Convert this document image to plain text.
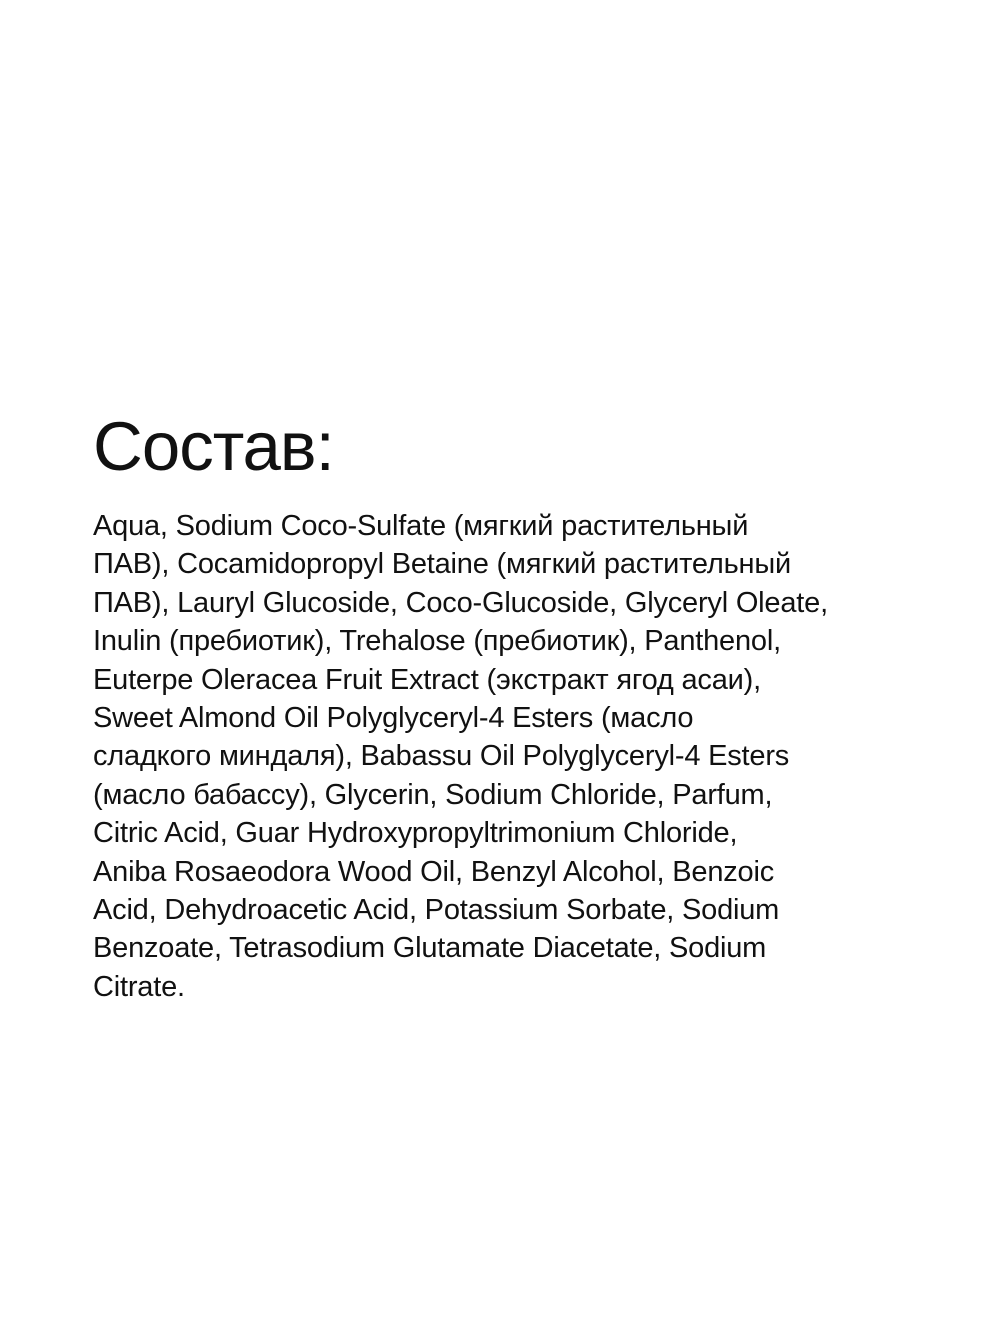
Состав:
Aqua, Sodium Coco-Sulfate (мягкий растительный
ПАВ), Cocamidopropyl Betaine (мягкий растительный
ПАВ), Lauryl Glucoside, Coco-Glucoside, Glyceryl Oleate,
Inulin (пребиотик), Trehalose (пребиотик), Panthenol,
Euterpe Oleracea Fruit Extract (экстракт ягод асаи),
Sweet Almond Oil Polyglyceryl-4 Esters (масло
сладкого миндаля), Babassu Oil Polyglyceryl-4 Esters
(масло бабассу), Glycerin, Sodium Chloride, Parfum,
Citric Acid, Guar Hydroxypropyltrimonium Chloride,
Aniba Rosaeodora Wood Oil, Benzyl Alcohol, Benzoic
Acid, Dehydroacetic Acid, Potassium Sorbate, Sodium
Benzoate, Tetrasodium Glutamate Diacetate, Sodium
Citrate.
